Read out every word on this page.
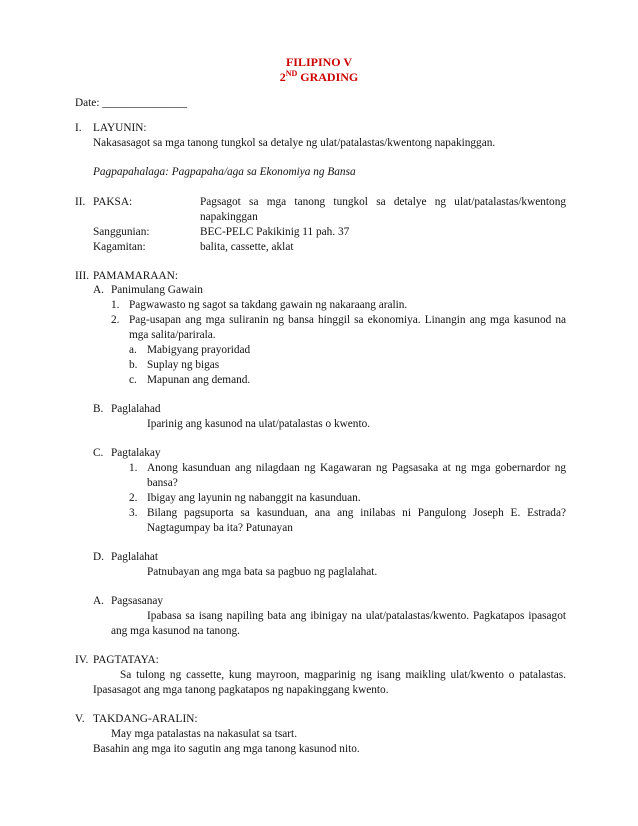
FILIPINO V
2ND GRADING
Date: _______________
I. LAYUNIN:
Nakasasagot sa mga tanong tungkol sa detalye ng ulat/patalastas/kwentong napakinggan.
Pagpapahalaga: Pagpapaha/aga sa Ekonomiya ng Bansa
II. PAKSA:	Pagsagot sa mga tanong tungkol sa detalye ng ulat/patalastas/kwentong
napakinggan
Sanggunian:	BEC-PELC Pakikinig 11 pah. 37
Kagamitan:	balita, cassette, aklat
III. PAMAMARAAN:
A. Panimulang Gawain
1. Pagwawasto ng sagot sa takdang gawain ng nakaraang aralin.
2. Pag-usapan ang mga suliranin ng bansa hinggil sa ekonomiya. Linangin ang mga kasunod na
mga salita/parirala.
a. Mabigyang prayoridad
b. Suplay ng bigas
c. Mapunan ang demand.
B. Paglalahad
Iparinig ang kasunod na ulat/patalastas o kwento.
C. Pagtalakay
1. Anong kasunduan ang nilagdaan ng Kagawaran ng Pagsasaka at ng mga gobernardor ng
bansa?
2. Ibigay ang layunin ng nabanggit na kasunduan.
3. Bilang pagsuporta sa kasunduan, ana ang inilabas ni Pangulong Joseph E. Estrada?
Nagtagumpay ba ita? Patunayan
D. Paglalahat
Patnubayan ang mga bata sa pagbuo ng paglalahat.
A. Pagsasanay
Ipabasa sa isang napiling bata ang ibinigay na ulat/patalastas/kwento. Pagkatapos ipasagot
ang mga kasunod na tanong.
IV. PAGTATAYA:
Sa tulong ng cassette, kung mayroon, magparinig ng isang maikling ulat/kwento o patalastas.
Ipasasagot ang mga tanong pagkatapos ng napakinggang kwento.
V. TAKDANG-ARALIN:
May mga patalastas na nakasulat sa tsart.
Basahin ang mga ito sagutin ang mga tanong kasunod nito.
